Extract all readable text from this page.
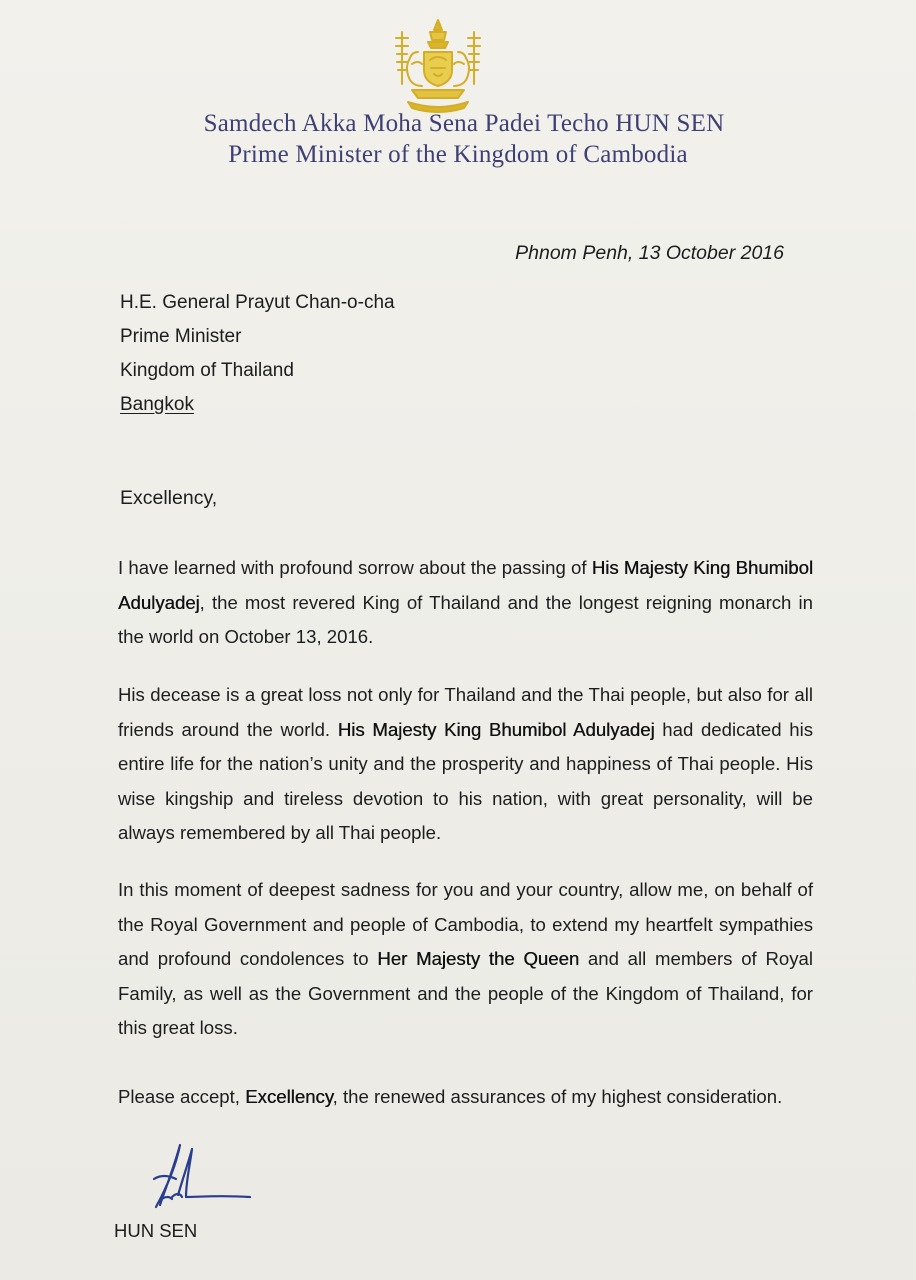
Samdech Akka Moha Sena Padei Techo HUN SEN
Prime Minister of the Kingdom of Cambodia
Phnom Penh, 13 October 2016
H.E. General Prayut Chan-o-cha
Prime Minister
Kingdom of Thailand
Bangkok
Excellency,
I have learned with profound sorrow about the passing of His Majesty King Bhumibol Adulyadej, the most revered King of Thailand and the longest reigning monarch in the world on October 13, 2016.
His decease is a great loss not only for Thailand and the Thai people, but also for all friends around the world. His Majesty King Bhumibol Adulyadej had dedicated his entire life for the nation’s unity and the prosperity and happiness of Thai people. His wise kingship and tireless devotion to his nation, with great personality, will be always remembered by all Thai people.
In this moment of deepest sadness for you and your country, allow me, on behalf of the Royal Government and people of Cambodia, to extend my heartfelt sympathies and profound condolences to Her Majesty the Queen and all members of Royal Family, as well as the Government and the people of the Kingdom of Thailand, for this great loss.
Please accept, Excellency, the renewed assurances of my highest consideration.
HUN SEN
